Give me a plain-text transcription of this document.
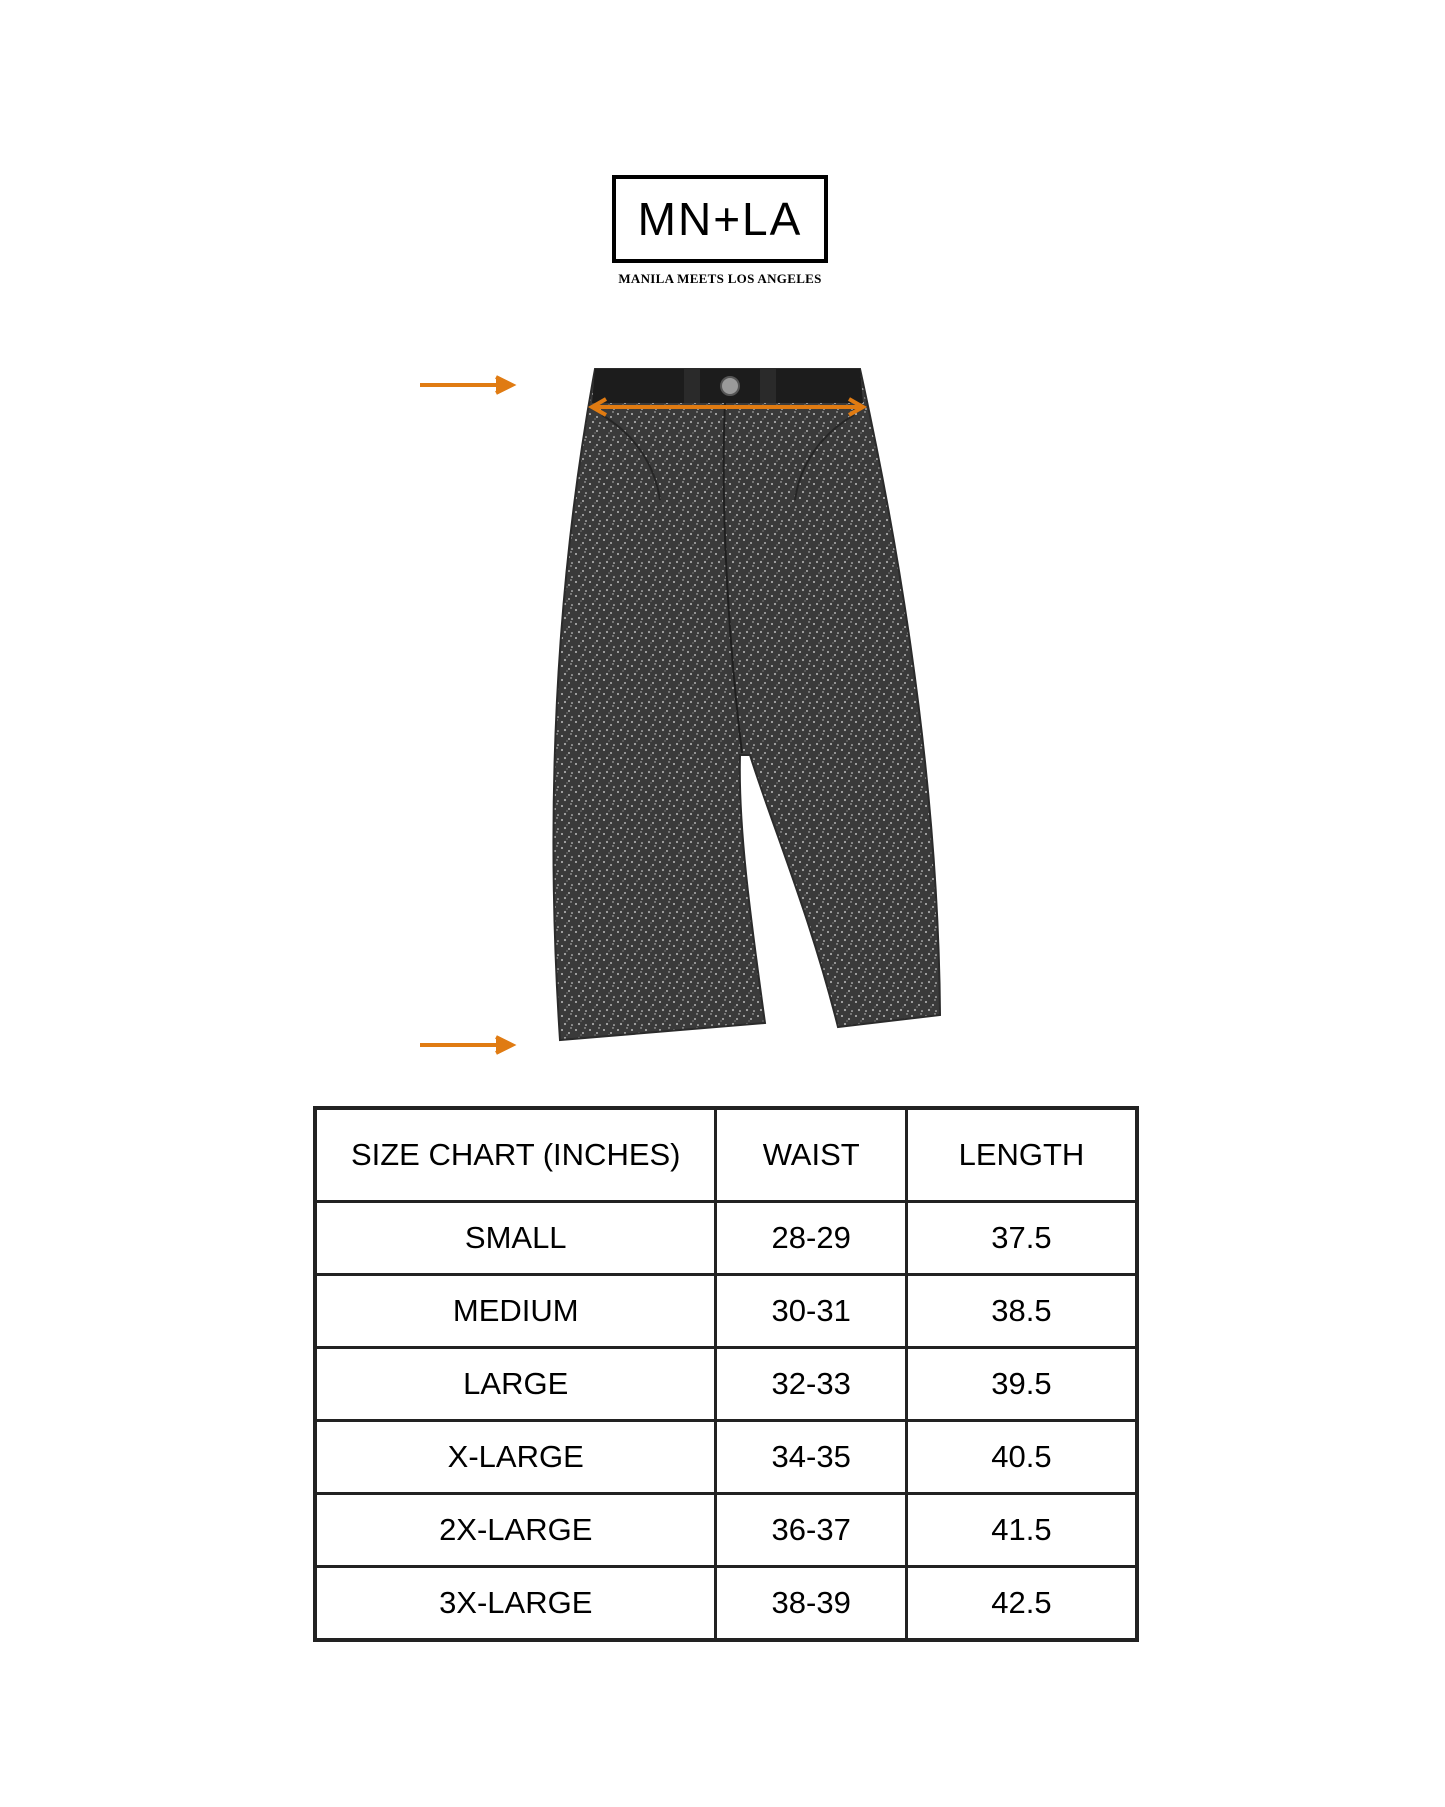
MN+LA
MANILA MEETS LOS ANGELES
SIZE CHART (INCHES)	WAIST	LENGTH
SMALL	28-29	37.5
MEDIUM	30-31	38.5
LARGE	32-33	39.5
X-LARGE	34-35	40.5
2X-LARGE	36-37	41.5
3X-LARGE	38-39	42.5
